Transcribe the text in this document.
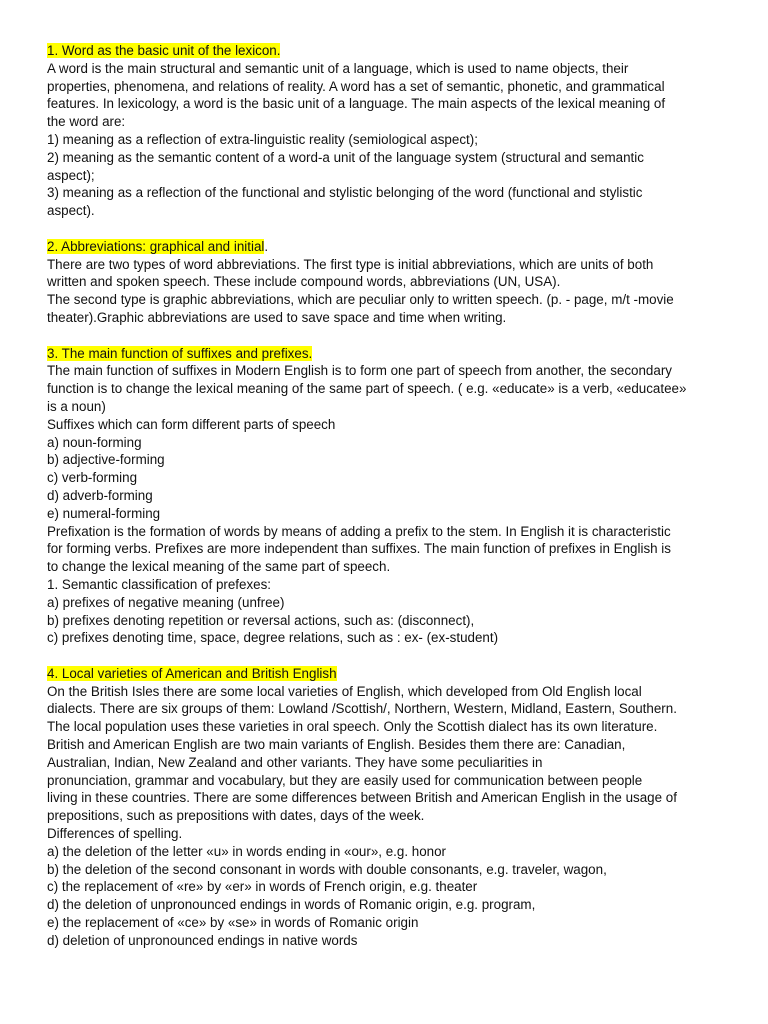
1. Word as the basic unit of the lexicon.
A word is the main structural and semantic unit of a language, which is used to name objects, their
properties, phenomena, and relations of reality. A word has a set of semantic, phonetic, and grammatical
features. In lexicology, a word is the basic unit of a language. The main aspects of the lexical meaning of
the word are:
1) meaning as a reflection of extra-linguistic reality (semiological aspect);
2) meaning as the semantic content of a word-a unit of the language system (structural and semantic
aspect);
3) meaning as a reflection of the functional and stylistic belonging of the word (functional and stylistic
aspect).
2. Abbreviations: graphical and initial.
There are two types of word abbreviations. The first type is initial abbreviations, which are units of both
written and spoken speech. These include compound words, abbreviations (UN, USA).
The second type is graphic abbreviations, which are peculiar only to written speech. (p. - page, m/t -movie
theater).Graphic abbreviations are used to save space and time when writing.
3. The main function of suffixes and prefixes.
The main function of suffixes in Modern English is to form one part of speech from another, the secondary
function is to change the lexical meaning of the same part of speech. ( e.g. «educate» is a verb, «educatee»
is a noun)
Suffixes which can form different parts of speech
a) noun-forming
b) adjective-forming
c) verb-forming
d) adverb-forming
e) numeral-forming
Prefixation is the formation of words by means of adding a prefix to the stem. In English it is characteristic
for forming verbs. Prefixes are more independent than suffixes. The main function of prefixes in English is
to change the lexical meaning of the same part of speech.
1. Semantic classification of prefexes:
a) prefixes of negative meaning (unfree)
b) prefixes denoting repetition or reversal actions, such as: (disconnect),
c) prefixes denoting time, space, degree relations, such as : ex- (ex-student)
4. Local varieties of American and British English
On the British Isles there are some local varieties of English, which developed from Old English local
dialects. There are six groups of them: Lowland /Scottish/, Northern, Western, Midland, Eastern, Southern.
The local population uses these varieties in oral speech. Only the Scottish dialect has its own literature.
British and American English are two main variants of English. Besides them there are: Canadian,
Australian, Indian, New Zealand and other variants. They have some peculiarities in
pronunciation, grammar and vocabulary, but they are easily used for communication between people
living in these countries. There are some differences between British and American English in the usage of
prepositions, such as prepositions with dates, days of the week.
Differences of spelling.
a) the deletion of the letter «u» in words ending in «our», e.g. honor
b) the deletion of the second consonant in words with double consonants, e.g. traveler, wagon,
c) the replacement of «re» by «er» in words of French origin, e.g. theater
d) the deletion of unpronounced endings in words of Romanic origin, e.g. program,
e) the replacement of «ce» by «se» in words of Romanic origin
d) deletion of unpronounced endings in native words
